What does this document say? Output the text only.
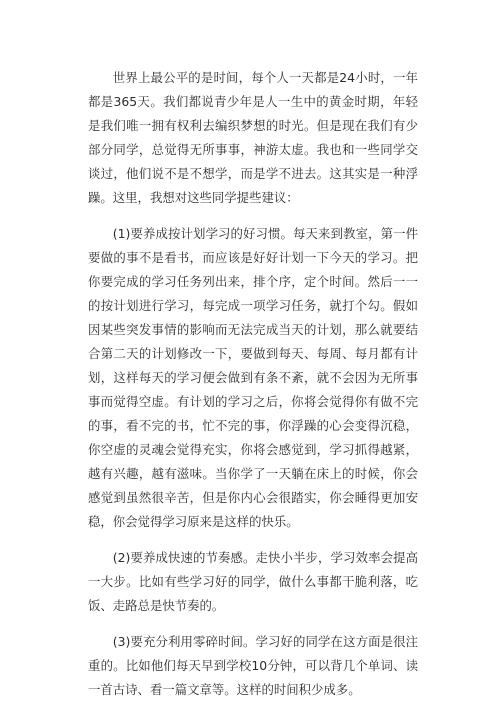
世界上最公平的是时间，每个人一天都是24小时，一年都是365天。我们都说青少年是人一生中的黄金时期，年轻是我们唯一拥有权利去编织梦想的时光。但是现在我们有少部分同学，总觉得无所事事，神游太虚。我也和一些同学交谈过，他们说不是不想学，而是学不进去。这其实是一种浮躁。这里，我想对这些同学提些建议：

(1)要养成按计划学习的好习惯。每天来到教室，第一件要做的事不是看书，而应该是好好计划一下今天的学习。把你要完成的学习任务列出来，排个序，定个时间。然后一一的按计划进行学习，每完成一项学习任务，就打个勾。假如因某些突发事情的影响而无法完成当天的计划，那么就要结合第二天的计划修改一下，要做到每天、每周、每月都有计划，这样每天的学习便会做到有条不紊，就不会因为无所事事而觉得空虚。有计划的学习之后，你将会觉得你有做不完的事，看不完的书，忙不完的事，你浮躁的心会变得沉稳，你空虚的灵魂会觉得充实，你将会感觉到，学习抓得越紧，越有兴趣，越有滋味。当你学了一天躺在床上的时候，你会感觉到虽然很辛苦，但是你内心会很踏实，你会睡得更加安稳，你会觉得学习原来是这样的快乐。

(2)要养成快速的节奏感。走快小半步，学习效率会提高一大步。比如有些学习好的同学，做什么事都干脆利落，吃饭、走路总是快节奏的。

(3)要充分利用零碎时间。学习好的同学在这方面是很注重的。比如他们每天早到学校10分钟，可以背几个单词、读一首古诗、看一篇文章等。这样的时间积少成多。
